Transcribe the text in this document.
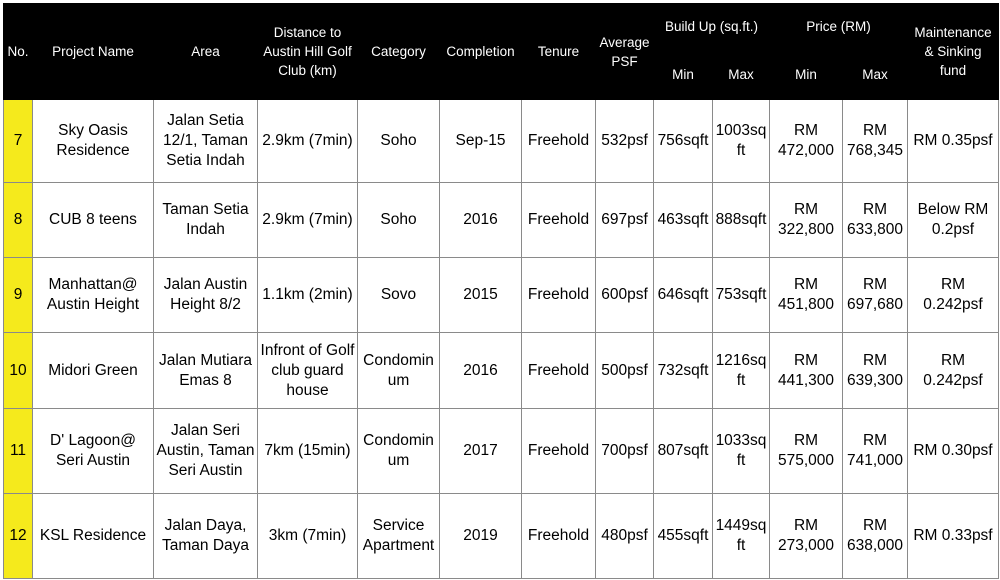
No.	Project Name	Area	Distance to Austin Hill Golf Club (km)	Category	Completion	Tenure	Average PSF	Build Up (sq.ft.)		Price (RM)		Maintenance & Sinking fund
								Min	Max	Min	Max	
7	Sky Oasis Residence	Jalan Setia 12/1, Taman Setia Indah	2.9km (7min)	Soho	Sep-15	Freehold	532psf	756sqft	1003sqft	RM 472,000	RM 768,345	RM 0.35psf
8	CUB 8 teens	Taman Setia Indah	2.9km (7min)	Soho	2016	Freehold	697psf	463sqft	888sqft	RM 322,800	RM 633,800	Below RM 0.2psf
9	Manhattan@ Austin Height	Jalan Austin Height 8/2	1.1km (2min)	Sovo	2015	Freehold	600psf	646sqft	753sqft	RM 451,800	RM 697,680	RM 0.242psf
10	Midori Green	Jalan Mutiara Emas 8	Infront of Golf club guard house	Condominum	2016	Freehold	500psf	732sqft	1216sqft	RM 441,300	RM 639,300	RM 0.242psf
11	D' Lagoon@ Seri Austin	Jalan Seri Austin, Taman Seri Austin	7km (15min)	Condominum	2017	Freehold	700psf	807sqft	1033sqft	RM 575,000	RM 741,000	RM 0.30psf
12	KSL Residence	Jalan Daya, Taman Daya	3km (7min)	Service Apartment	2019	Freehold	480psf	455sqft	1449sqft	RM 273,000	RM 638,000	RM 0.33psf
